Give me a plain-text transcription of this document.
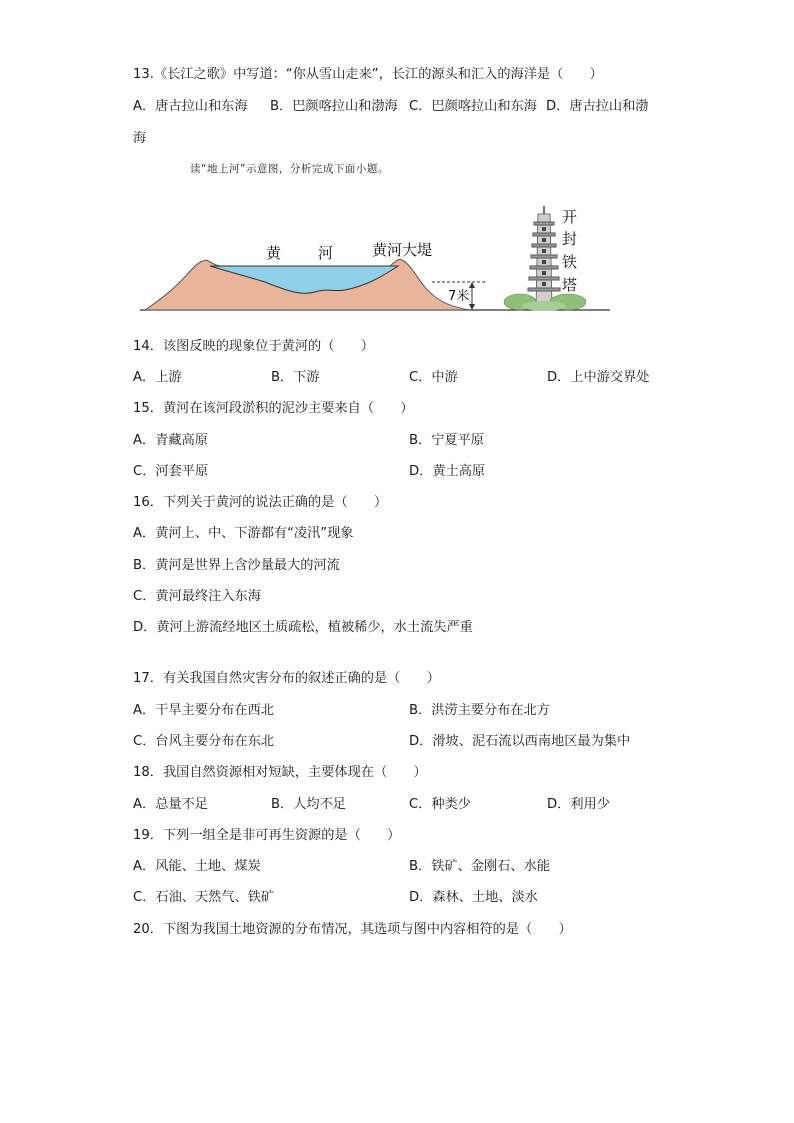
13.《长江之歌》中写道：“你从雪山走来”，长江的源头和汇入的海洋是（　　）
A．唐古拉山和东海 B．巴颜喀拉山和渤海 C．巴颜喀拉山和东海 D．唐古拉山和渤
海
读“地上河”示意图，分析完成下面小题。
7米
黄 河	黄河大堤
开
封
铁
塔
14．该图反映的现象位于黄河的（　　）
A．上游	B．下游	C．中游	D．上中游交界处
15．黄河在该河段淤积的泥沙主要来自（　　）
A．青藏高原	B．宁夏平原
C．河套平原	D．黄土高原
16．下列关于黄河的说法正确的是（　　）
A．黄河上、中、下游都有“凌汛”现象
B．黄河是世界上含沙量最大的河流
C．黄河最终注入东海
D．黄河上游流经地区土质疏松，植被稀少，水土流失严重
17．有关我国自然灾害分布的叙述正确的是（　　）
A．干旱主要分布在西北	B．洪涝主要分布在北方
C．台风主要分布在东北	D．滑坡、泥石流以西南地区最为集中
18．我国自然资源相对短缺，主要体现在（　　）
A．总量不足	B．人均不足	C．种类少	D．利用少
19．下列一组全是非可再生资源的是（　　）
A．风能、土地、煤炭	B．铁矿、金刚石、水能
C．石油、天然气、铁矿	D．森林、土地、淡水
20．下图为我国土地资源的分布情况，其选项与图中内容相符的是（　　）
